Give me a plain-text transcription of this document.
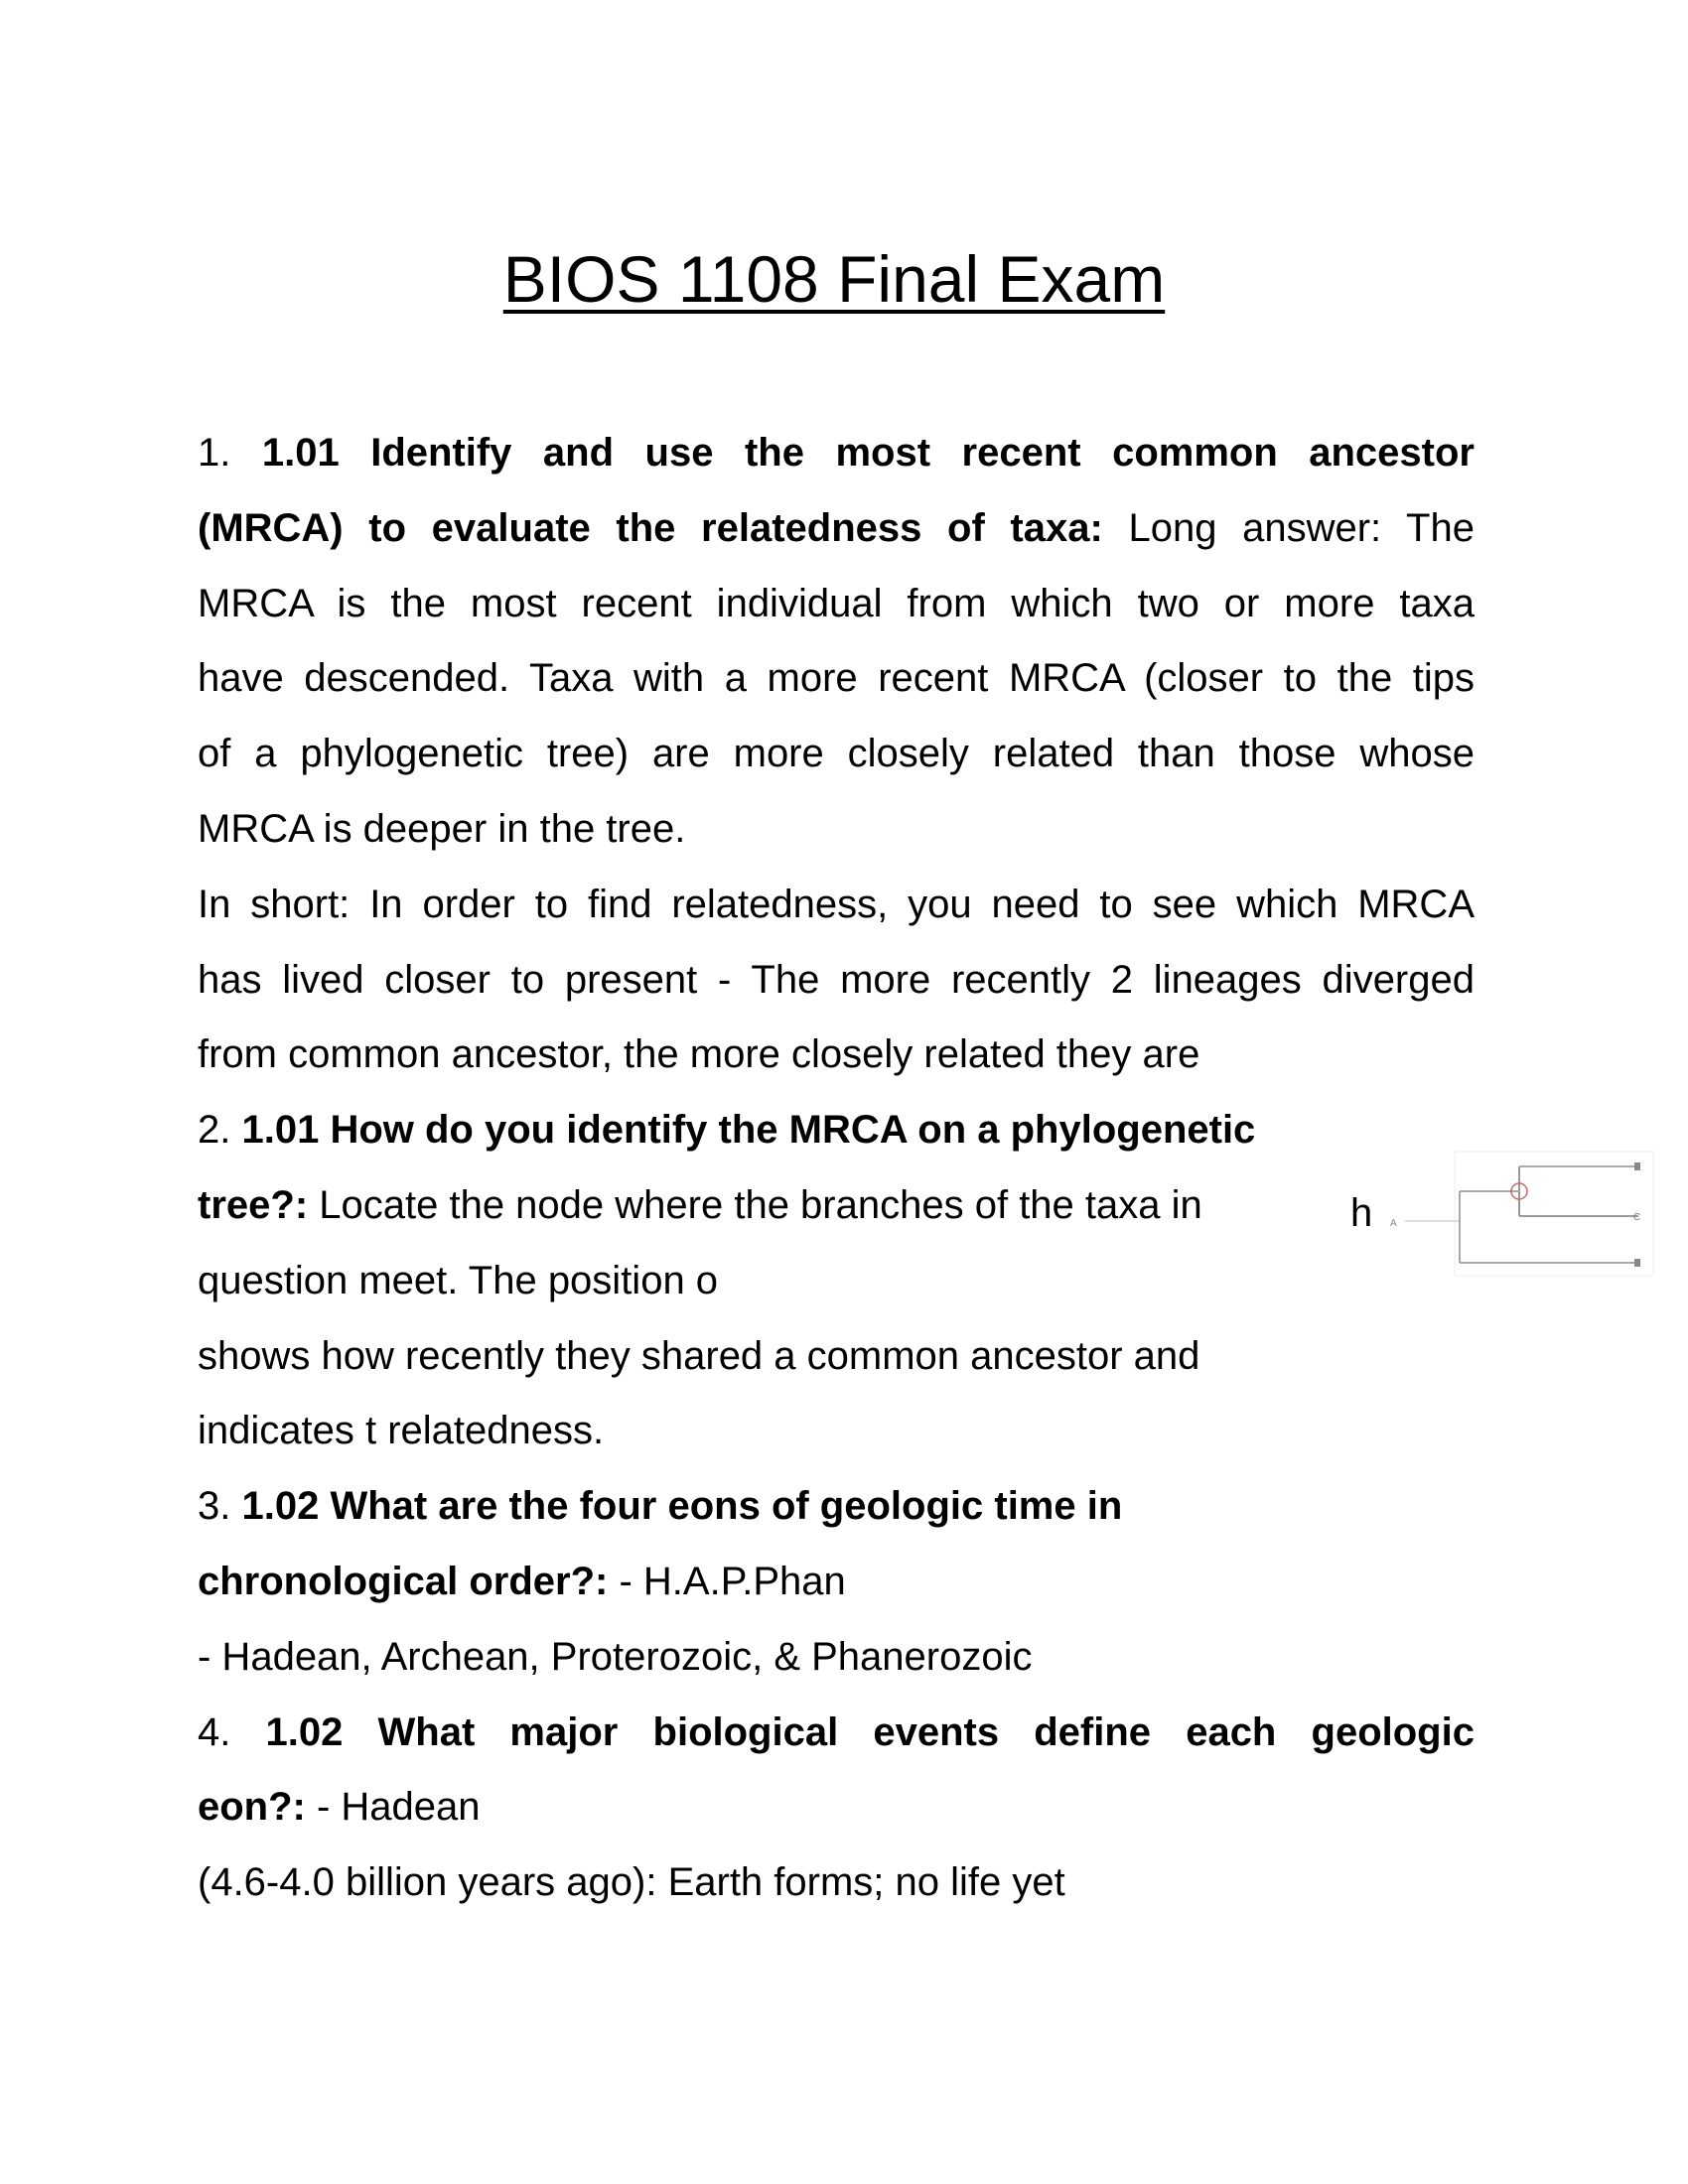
BIOS 1108 Final Exam
1. 1.01 Identify and use the most recent common ancestor
(MRCA) to evaluate the relatedness of taxa: Long answer: The
MRCA is the most recent individual from which two or more taxa
have descended. Taxa with a more recent MRCA (closer to the tips
of a phylogenetic tree) are more closely related than those whose
MRCA is deeper in the tree.
In short: In order to find relatedness, you need to see which MRCA
has lived closer to present - The more recently 2 lineages diverged
from common ancestor, the more closely related they are
2. 1.01 How do you identify the MRCA on a phylogenetic
tree?: Locate the node where the branches of the taxa in
question meet. The position o
shows how recently they shared a common ancestor and
indicates t relatedness.
3. 1.02 What are the four eons of geologic time in
chronological order?: - H.A.P.Phan
- Hadean, Archean, Proterozoic, & Phanerozoic
4. 1.02 What major biological events define each geologic
eon?: - Hadean
(4.6-4.0 billion years ago): Earth forms; no life yet
h A
C
